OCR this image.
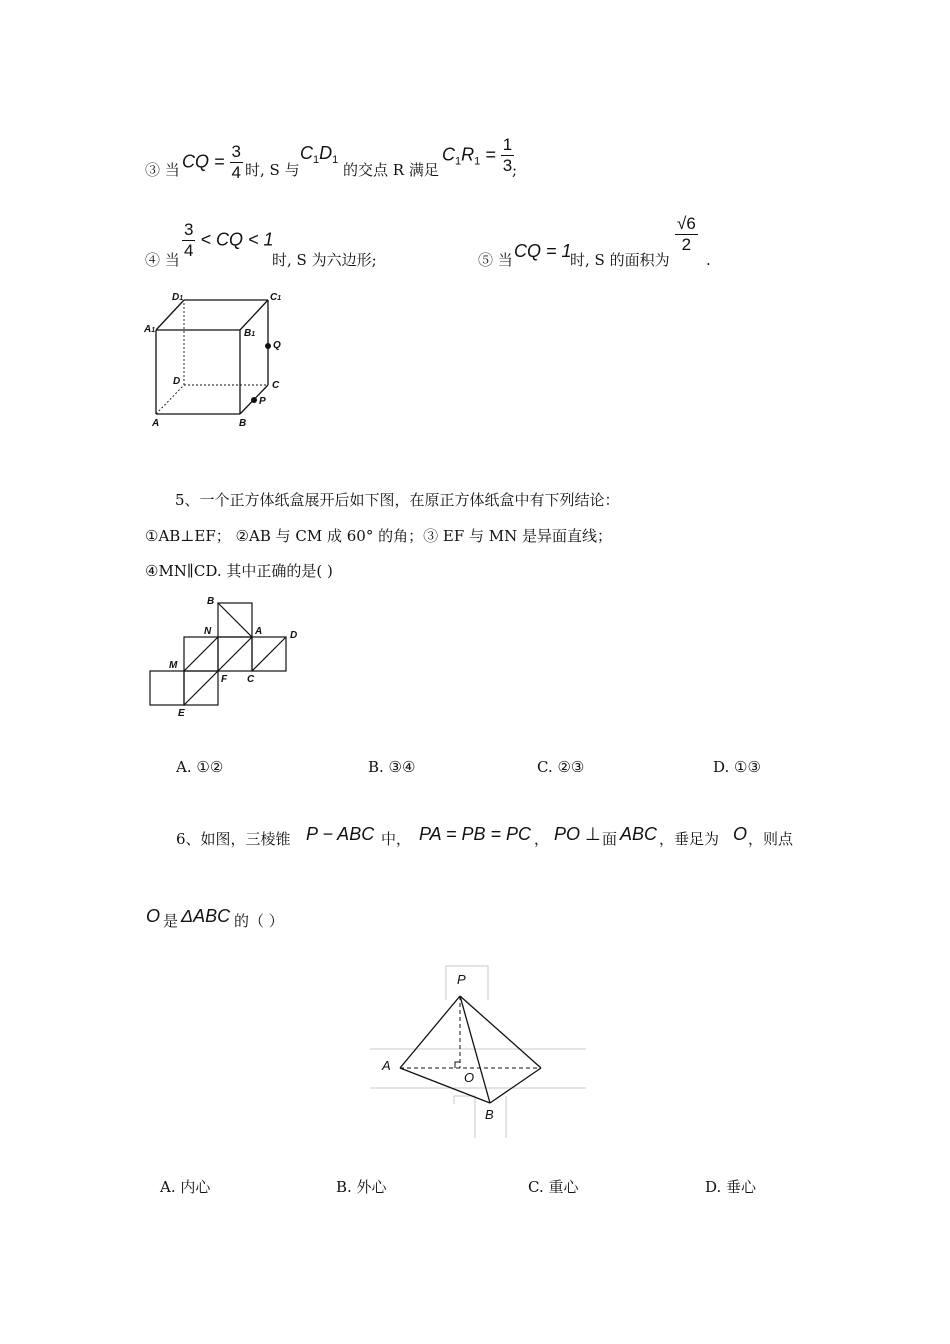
③ 当 CQ = $\frac{3}{4}$ 时, S 与
$C_1D_1$
的交点 R 满足
$C_1R_1 = \frac{1}{3}$
;
④ 当 $\frac{3}{4}$ < CQ < 1
时, S 为六边形;	⑤ 当 CQ = 1
时, S 的面积为
$\frac{√6}{2}$
.
D1	C1
A1	B1
Q
D	C
P
A	B
5、一个正方体纸盒展开后如下图，在原正方体纸盒中有下列结论：
①AB⊥EF； ②AB 与 CM 成 60° 的角；③ EF 与 MN 是异面直线；
④MN∥CD. 其中正确的是( )
B
N	A	D
M
F C
E
A. ①②	B. ③④	C. ②③	D. ①③
6、如图，三棱锥 P − ABC 中， PA = PB = PC ， PO ⊥ 面 ABC ，垂足为 O ，则点
O 是 ΔABC 的（ ）
P
A
O
B
A. 内心	B. 外心	C. 重心	D. 垂心
